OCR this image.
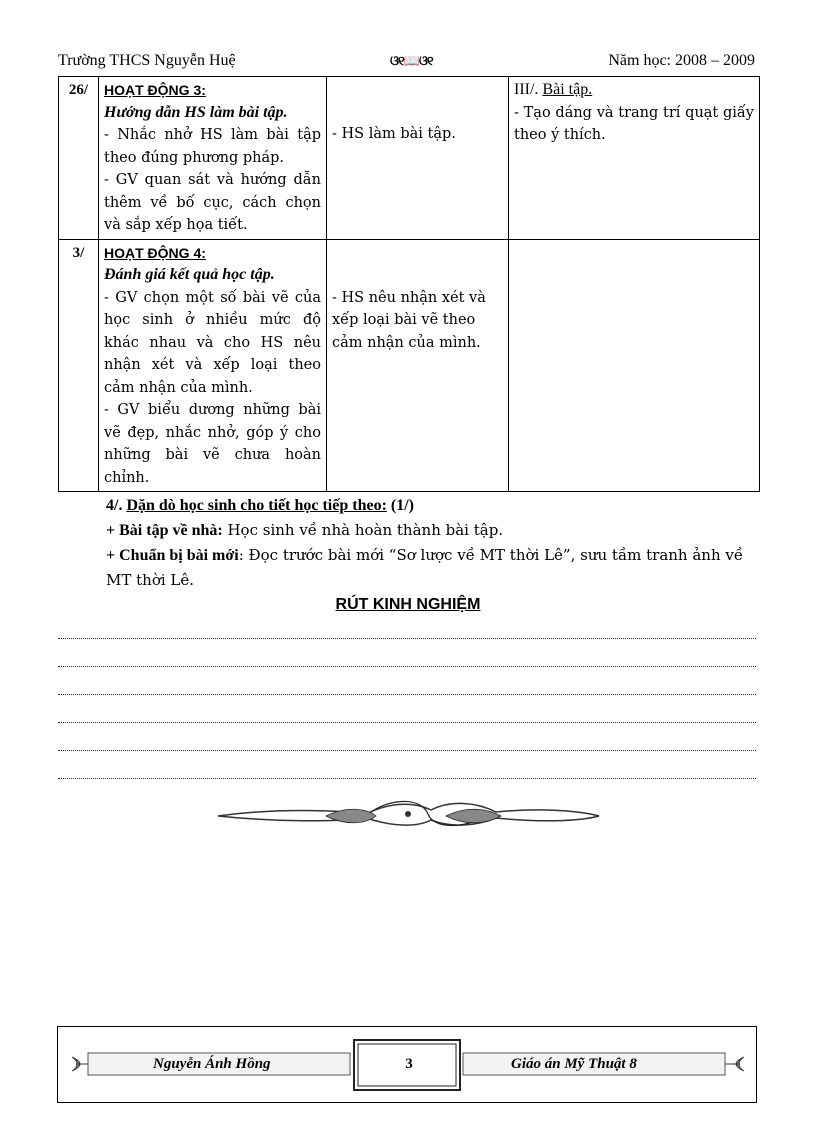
Trường THCS Nguyễn Huệ	ଓ୧📖ଓ୧	Năm học: 2008 – 2009
26/	HOẠT ĐỘNG 3:
Hướng dẫn HS làm bài tập.
- Nhắc nhở HS làm bài tập theo đúng phương pháp.
- GV quan sát và hướng dẫn thêm về bố cục, cách chọn và sắp xếp họa tiết.	- HS làm bài tập.	III/. Bài tập.
- Tạo dáng và trang trí quạt giấy theo ý thích.

3/	HOẠT ĐỘNG 4:
Đánh giá kết quả học tập.
- GV chọn một số bài vẽ của học sinh ở nhiều mức độ khác nhau và cho HS nêu nhận xét và xếp loại theo cảm nhận của mình.
- GV biểu dương những bài vẽ đẹp, nhắc nhở, góp ý cho những bài vẽ chưa hoàn chỉnh.	- HS nêu nhận xét và xếp loại bài vẽ theo cảm nhận của mình.	

4/. Dặn dò học sinh cho tiết học tiếp theo: (1/)
+ Bài tập về nhà: Học sinh về nhà hoàn thành bài tập.
+ Chuẩn bị bài mới: Đọc trước bài mới “Sơ lược về MT thời Lê”, sưu tầm tranh ảnh về MT thời Lê.
RÚT KINH NGHIỆM
Nguyễn Ánh Hồng	3	Giáo án Mỹ Thuật 8
